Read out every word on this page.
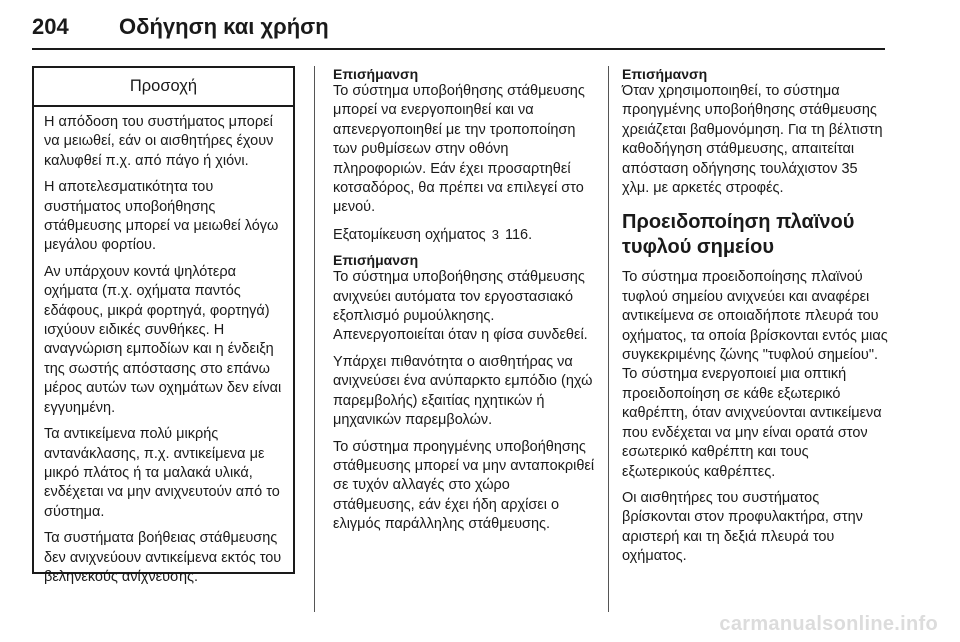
204 Οδήγηση και χρήση
Προσοχή

Η απόδοση του συστήματος μπορεί να μειωθεί, εάν οι αισθητήρες έχουν καλυφθεί π.χ. από πάγο ή χιόνι.

Η αποτελεσματικότητα του συστήματος υποβοήθησης στάθμευσης μπορεί να μειωθεί λόγω μεγάλου φορτίου.

Αν υπάρχουν κοντά ψηλότερα οχήματα (π.χ. οχήματα παντός εδάφους, μικρά φορτηγά, φορτηγά) ισχύουν ειδικές συνθήκες. Η αναγνώριση εμποδίων και η ένδειξη της σωστής απόστασης στο επάνω μέρος αυτών των οχημάτων δεν είναι εγγυημένη.

Τα αντικείμενα πολύ μικρής αντανάκλασης, π.χ. αντικείμενα με μικρό πλάτος ή τα μαλακά υλικά, ενδέχεται να μην ανιχνευτούν από το σύστημα.

Τα συστήματα βοήθειας στάθμευσης δεν ανιχνεύουν αντικείμενα εκτός του βεληνεκούς ανίχνευσης.

Επισήμανση

Το σύστημα υποβοήθησης στάθμευσης μπορεί να ενεργοποιηθεί και να απενεργοποιηθεί με την τροποποίηση των ρυθμίσεων στην οθόνη πληροφοριών. Εάν έχει προσαρτηθεί κοτσαδόρος, θα πρέπει να επιλεγεί στο μενού.

Εξατομίκευση οχήματος 3 116.

Επισήμανση

Το σύστημα υποβοήθησης στάθμευσης ανιχνεύει αυτόματα τον εργοστασιακό εξοπλισμό ρυμούλκησης. Απενεργοποιείται όταν η φίσα συνδεθεί.

Υπάρχει πιθανότητα ο αισθητήρας να ανιχνεύσει ένα ανύπαρκτο εμπόδιο (ηχώ παρεμβολής) εξαιτίας ηχητικών ή μηχανικών παρεμβολών.

Το σύστημα προηγμένης υποβοήθησης στάθμευσης μπορεί να μην ανταποκριθεί σε τυχόν αλλαγές στο χώρο στάθμευσης, εάν έχει ήδη αρχίσει ο ελιγμός παράλληλης στάθμευσης.

Επισήμανση

Όταν χρησιμοποιηθεί, το σύστημα προηγμένης υποβοήθησης στάθμευσης χρειάζεται βαθμονόμηση. Για τη βέλτιστη καθοδήγηση στάθμευσης, απαιτείται απόσταση οδήγησης τουλάχιστον 35 χλμ. με αρκετές στροφές.

Προειδοποίηση πλαϊνού τυφλού σημείου

Το σύστημα προειδοποίησης πλαϊνού τυφλού σημείου ανιχνεύει και αναφέρει αντικείμενα σε οποιαδήποτε πλευρά του οχήματος, τα οποία βρίσκονται εντός μιας συγκεκριμένης ζώνης "τυφλού σημείου". Το σύστημα ενεργοποιεί μια οπτική προειδοποίηση σε κάθε εξωτερικό καθρέπτη, όταν ανιχνεύονται αντικείμενα που ενδέχεται να μην είναι ορατά στον εσωτερικό καθρέπτη και τους εξωτερικούς καθρέπτες.

Οι αισθητήρες του συστήματος βρίσκονται στον προφυλακτήρα, στην αριστερή και τη δεξιά πλευρά του οχήματος.

carmanualsonline.info
